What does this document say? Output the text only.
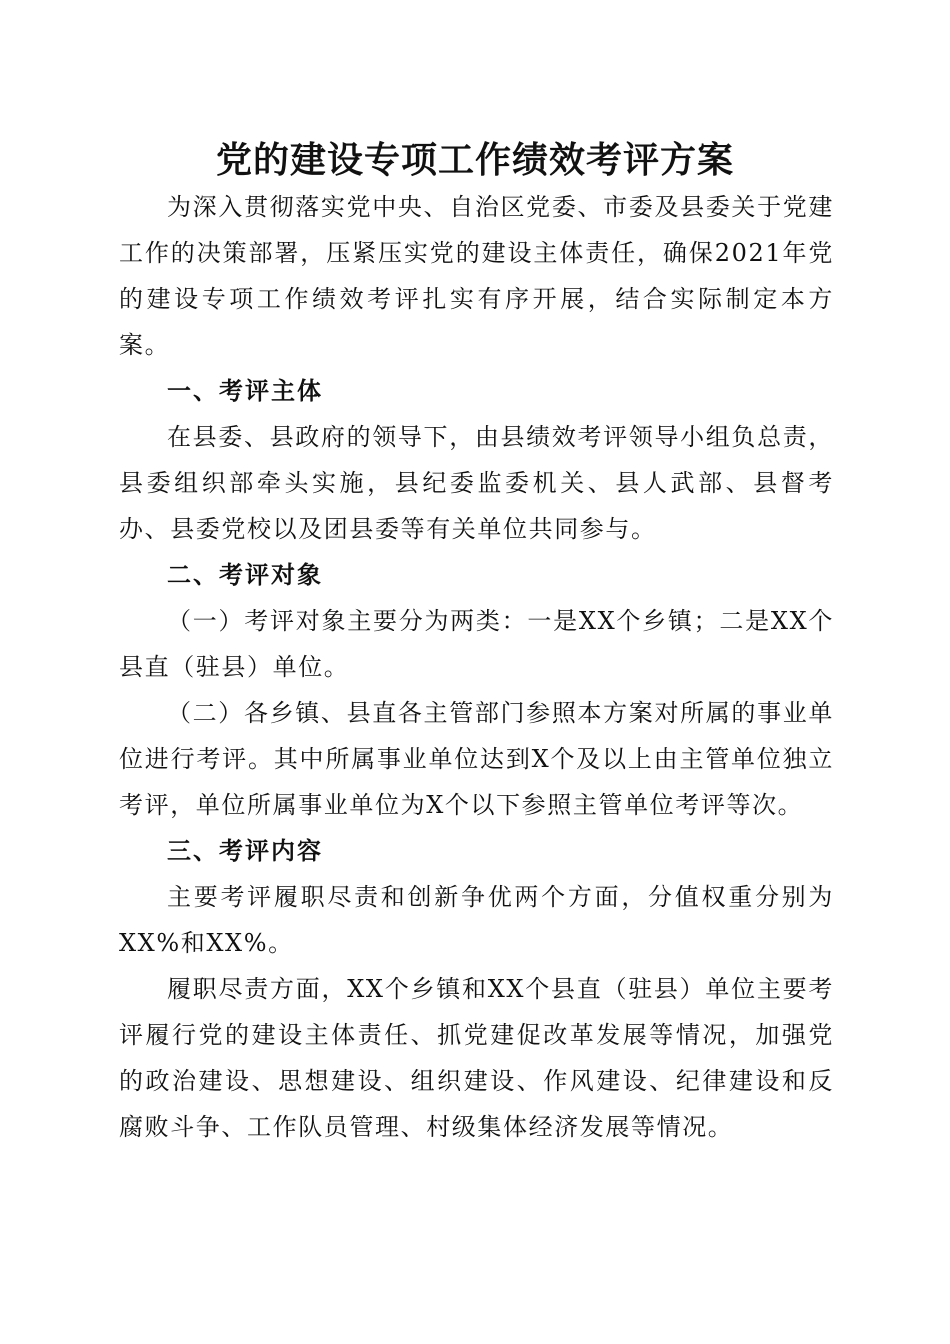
党的建设专项工作绩效考评方案

为深入贯彻落实党中央、自治区党委、市委及县委关于党建工作的决策部署，压紧压实党的建设主体责任，确保2021年党的建设专项工作绩效考评扎实有序开展，结合实际制定本方案。

一、考评主体

在县委、县政府的领导下，由县绩效考评领导小组负总责，县委组织部牵头实施，县纪委监委机关、县人武部、县督考办、县委党校以及团县委等有关单位共同参与。

二、考评对象

（一）考评对象主要分为两类：一是XX个乡镇；二是XX个县直（驻县）单位。

（二）各乡镇、县直各主管部门参照本方案对所属的事业单位进行考评。其中所属事业单位达到X个及以上由主管单位独立考评，单位所属事业单位为X个以下参照主管单位考评等次。

三、考评内容

主要考评履职尽责和创新争优两个方面，分值权重分别为XX%和XX%。

履职尽责方面，XX个乡镇和XX个县直（驻县）单位主要考评履行党的建设主体责任、抓党建促改革发展等情况，加强党的政治建设、思想建设、组织建设、作风建设、纪律建设和反腐败斗争、工作队员管理、村级集体经济发展等情况。
